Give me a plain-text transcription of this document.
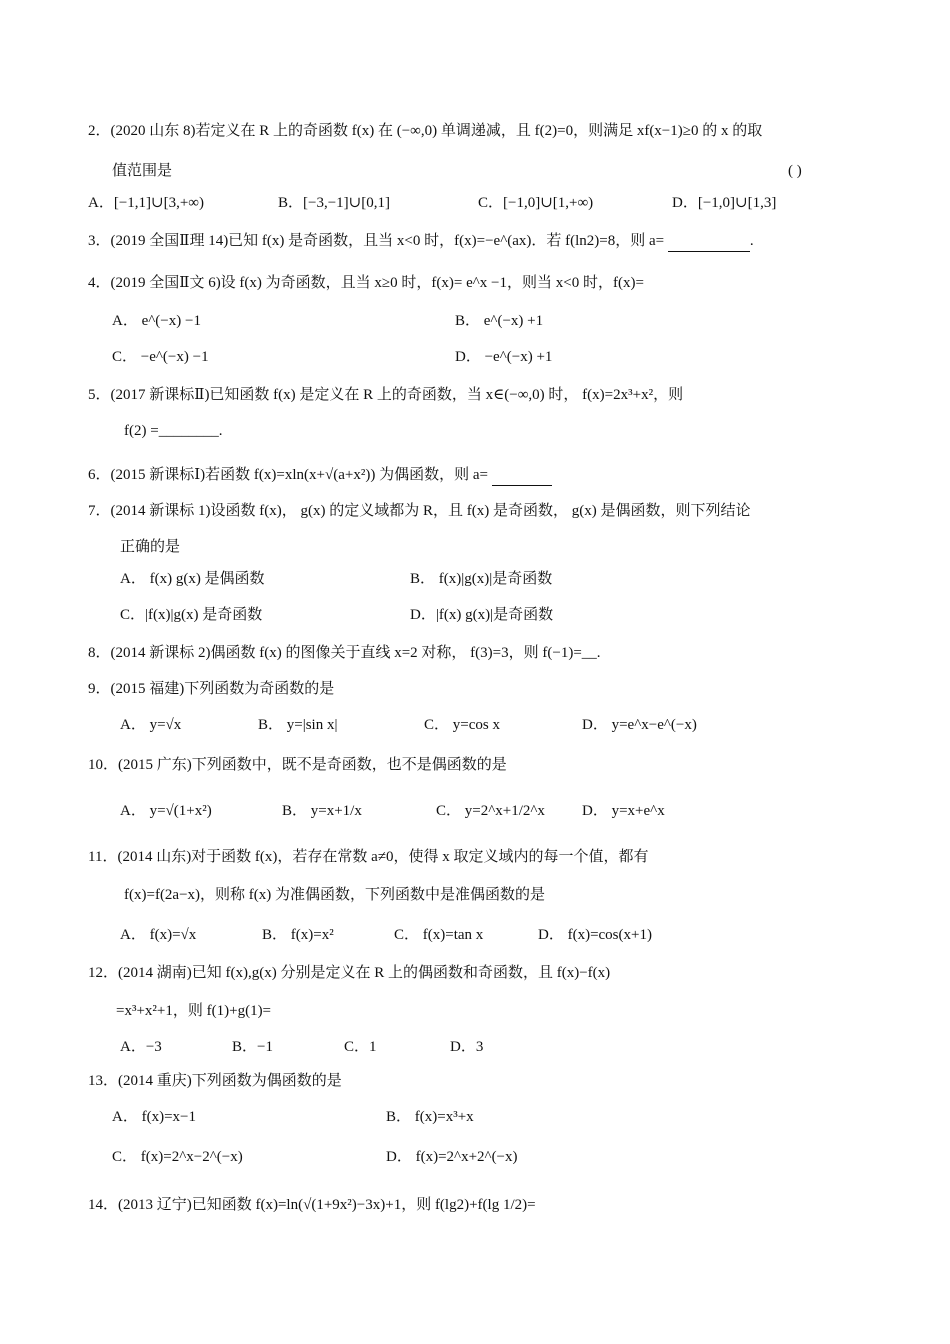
2．(2020 山东 8)若定义在 R 上的奇函数 f(x) 在 (−∞,0) 单调递减，且 f(2)=0，则满足 xf(x−1)≥0 的 x 的取
值范围是	( )
A．[−1,1]∪[3,+∞)	B．[−3,−1]∪[0,1]	C．[−1,0]∪[1,+∞)	D．[−1,0]∪[1,3]
3．(2019 全国Ⅱ理 14)已知 f(x) 是奇函数，且当 x<0 时，f(x)=−e^(ax)．若 f(ln2)=8，则 a=	.
4．(2019 全国Ⅱ文 6)设 f(x) 为奇函数，且当 x≥0 时，f(x)= e^x −1，则当 x<0 时，f(x)=
A． e^(−x) −1	B． e^(−x) +1
C． −e^(−x) −1	D． −e^(−x) +1
5．(2017 新课标Ⅱ)已知函数 f(x) 是定义在 R 上的奇函数，当 x∈(−∞,0) 时， f(x)=2x³+x²，则
f(2) =________.
6．(2015 新课标Ⅰ)若函数 f(x)=xln(x+√(a+x²)) 为偶函数，则 a=
7．(2014 新课标 1)设函数 f(x)， g(x) 的定义域都为 R，且 f(x) 是奇函数， g(x) 是偶函数，则下列结论
正确的是
A． f(x) g(x) 是偶函数	B． f(x)|g(x)|是奇函数
C．|f(x)|g(x) 是奇函数	D．|f(x) g(x)|是奇函数
8．(2014 新课标 2)偶函数 f(x) 的图像关于直线 x=2 对称， f(3)=3，则 f(−1)=__.
9．(2015 福建)下列函数为奇函数的是
A． y=√x	B． y=|sin x|	C． y=cos x	D． y=e^x−e^(−x)
10．(2015 广东)下列函数中，既不是奇函数，也不是偶函数的是
A． y=√(1+x²)	B． y=x+1/x	C． y=2^x+1/2^x D． y=x+e^x
11．(2014 山东)对于函数 f(x)，若存在常数 a≠0，使得 x 取定义域内的每一个值，都有
f(x)=f(2a−x)，则称 f(x) 为准偶函数，下列函数中是准偶函数的是
A． f(x)=√x	B． f(x)=x²	C． f(x)=tan x	D． f(x)=cos(x+1)
12．(2014 湖南)已知 f(x),g(x) 分别是定义在 R 上的偶函数和奇函数，且 f(x)−f(x)
=x³+x²+1，则 f(1)+g(1)=
A．−3	B．−1	C．1	D．3
13．(2014 重庆)下列函数为偶函数的是
A． f(x)=x−1	B． f(x)=x³+x
C． f(x)=2^x−2^(−x)	D． f(x)=2^x+2^(−x)
14．(2013 辽宁)已知函数 f(x)=ln(√(1+9x²)−3x)+1，则 f(lg2)+f(lg 1/2)=
